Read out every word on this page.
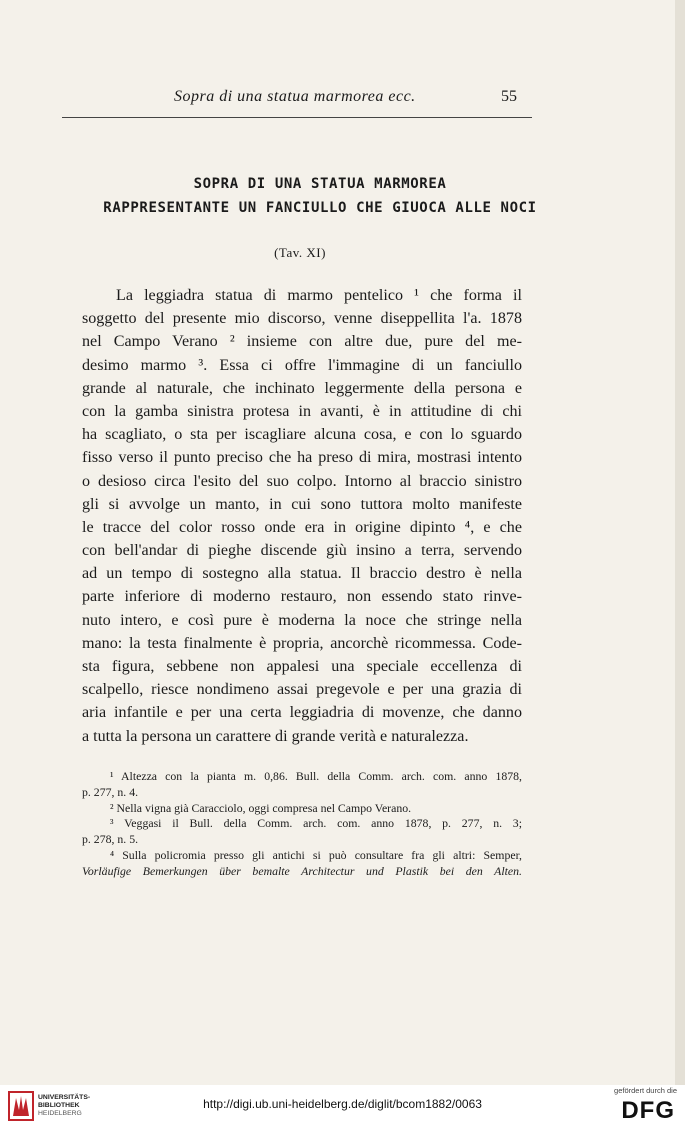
Sopra di una statua marmorea ecc.	55
SOPRA DI UNA STATUA MARMOREA
RAPPRESENTANTE UN FANCIULLO CHE GIUOCA ALLE NOCI
(Tav. XI)
La leggiadra statua di marmo pentelico ¹ che forma il
soggetto del presente mio discorso, venne diseppellita l'a. 1878
nel Campo Verano ² insieme con altre due, pure del me-
desimo marmo ³. Essa ci offre l'immagine di un fanciullo
grande al naturale, che inchinato leggermente della persona e
con la gamba sinistra protesa in avanti, è in attitudine di chi
ha scagliato, o sta per iscagliare alcuna cosa, e con lo sguardo
fisso verso il punto preciso che ha preso di mira, mostrasi intento
o desioso circa l'esito del suo colpo. Intorno al braccio sinistro
gli si avvolge un manto, in cui sono tuttora molto manifeste
le tracce del color rosso onde era in origine dipinto ⁴, e che
con bell'andar di pieghe discende giù insino a terra, servendo
ad un tempo di sostegno alla statua. Il braccio destro è nella
parte inferiore di moderno restauro, non essendo stato rinve-
nuto intero, e così pure è moderna la noce che stringe nella
mano: la testa finalmente è propria, ancorchè ricommessa. Code-
sta figura, sebbene non appalesi una speciale eccellenza di
scalpello, riesce nondimeno assai pregevole e per una grazia di
aria infantile e per una certa leggiadria di movenze, che danno
a tutta la persona un carattere di grande verità e naturalezza.
¹ Altezza con la pianta m. 0,86. Bull. della Comm. arch. com. anno 1878,
p. 277, n. 4.
² Nella vigna già Caracciolo, oggi compresa nel Campo Verano.
³ Veggasi il Bull. della Comm. arch. com. anno 1878, p. 277, n. 3;
p. 278, n. 5.
⁴ Sulla policromia presso gli antichi si può consultare fra gli altri: Semper,
Vorläufige Bemerkungen über bemalte Architectur und Plastik bei den Alten.
UNIVERSITÄTS-
BIBLIOTHEK
HEIDELBERG
http://digi.ub.uni-heidelberg.de/diglit/bcom1882/0063
gefördert durch die
DFG
